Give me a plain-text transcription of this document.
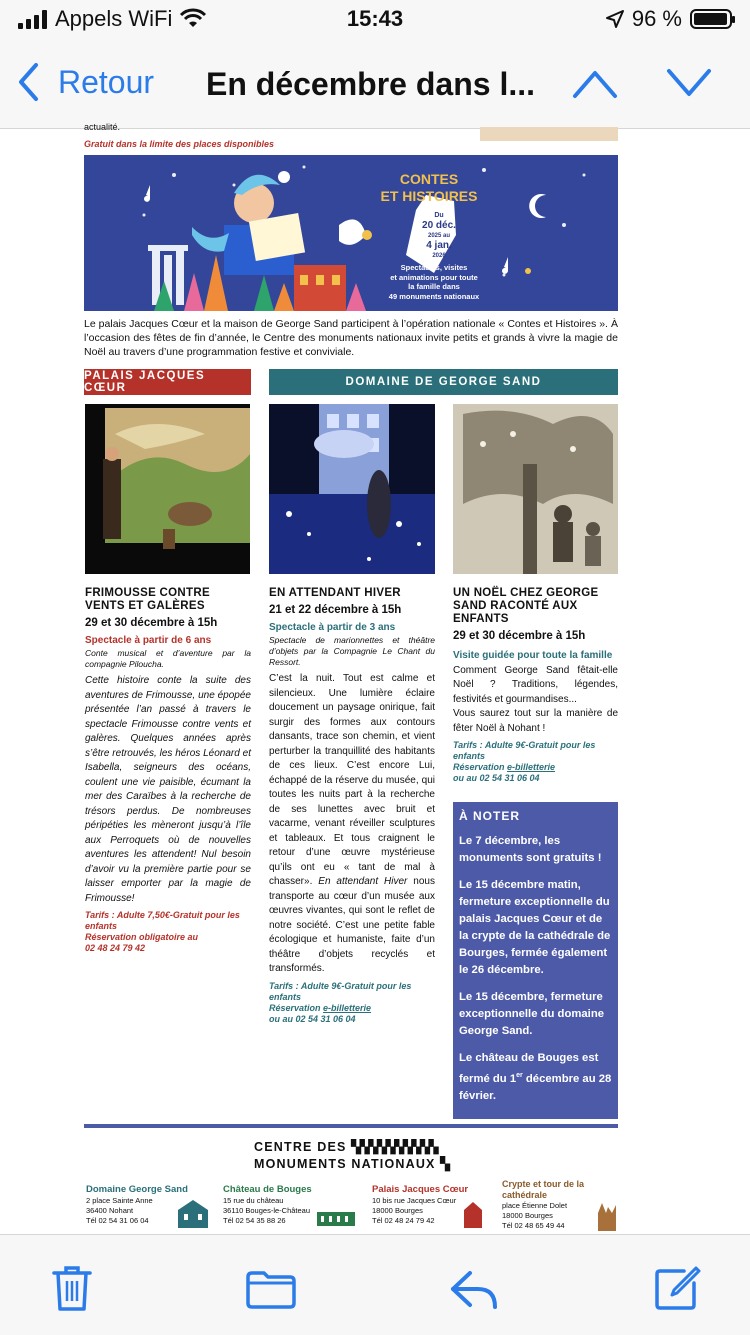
Appels WiFi	15:43	96 %
Retour En décembre dans l...
actualité.
Gratuit dans la limite des places disponibles
CONTES
ET HISTOIRES
Du
20 déc.
2025 au
4 jan.
2026
Spectacles, visites
et animations pour toute
la famille dans
49 monuments nationaux
Le palais Jacques Cœur et la maison de George Sand participent à l’opération nationale « Contes et Histoires ». À l’occasion des fêtes de fin d’année, le Centre des monuments nationaux invite petits et grands à vivre la magie de Noël au travers d’une programmation festive et conviviale.
PALAIS JACQUES CŒUR	DOMAINE DE GEORGE SAND
FRIMOUSSE CONTRE VENTS ET GALÈRES
29 et 30 décembre à 15h
Spectacle à partir de 6 ans
Conte musical et d’aventure par la compagnie Piloucha.

Cette histoire conte la suite des aventures de Frimousse, une épopée présentée l’an passé à travers le spectacle Frimousse contre vents et galères. Quelques années après s’être retrouvés, les héros Léonard et Isabella, seigneurs des océans, coulent une vie paisible, écumant la mer des Caraïbes à la recherche de trésors perdus. De nombreuses péripéties les mèneront jusqu’à l’île aux Perroquets où de nouvelles aventures les attendent! Nul besoin d’avoir vu la première partie pour se laisser emporter par la magie de Frimousse!

Tarifs : Adulte 7,50€-Gratuit pour les enfants
Réservation obligatoire au
02 48 24 79 42
EN ATTENDANT HIVER
21 et 22 décembre à 15h
Spectacle à partir de 3 ans
Spectacle de marionnettes et théâtre d’objets par la Compagnie Le Chant du Ressort.

C’est la nuit. Tout est calme et silencieux. Une lumière éclaire doucement un paysage onirique, fait surgir des formes aux contours dansants, trace son chemin, et vient perturber la tranquillité des habitants de ces lieux. C’est encore Lui, échappé de la réserve du musée, qui toutes les nuits part à la recherche de ses lunettes avec bruit et vacarme, venant réveiller sculptures et tableaux. Et tous craignent le retour d’une œuvre mystérieuse qu’ils ont eu « tant de mal à chasser». En attendant Hiver nous transporte au cœur d’un musée aux œuvres vivantes, qui sont le reflet de notre société. C’est une petite fable écologique et humaniste, faite d’un théâtre d’objets recyclés et transformés.

Tarifs : Adulte 9€-Gratuit pour les enfants
Réservation e-billetterie
ou au 02 54 31 06 04
UN NOËL CHEZ GEORGE SAND RACONTÉ AUX ENFANTS
29 et 30 décembre à 15h
Visite guidée pour toute la famille

Comment George Sand fêtait-elle Noël ? Traditions, légendes, festivités et gourmandises...

Vous saurez tout sur la manière de fêter Noël à Nohant !

Tarifs : Adulte 9€-Gratuit pour les enfants
Réservation e-billetterie
ou au 02 54 31 06 04
À NOTER

Le 7 décembre, les monuments sont gratuits !

Le 15 décembre matin, fermeture exceptionnelle du palais Jacques Cœur et de la crypte de la cathédrale de Bourges, fermée également le 26 décembre.

Le 15 décembre, fermeture exceptionnelle du domaine George Sand.

Le château de Bouges est fermé du 1er décembre au 28 février.

CENTRE DES ▚▚▚▚▚▚▚▚▚▚
MONUMENTS NATIONAUX ▚
Domaine George Sand
2 place Sainte Anne
36400 Nohant
Tél 02 54 31 06 04
Château de Bouges
15 rue du château
36110 Bouges-le-Château
Tél 02 54 35 88 26
Palais Jacques Cœur
10 bis rue Jacques Cœur
18000 Bourges
Tél 02 48 24 79 42
Crypte et tour de la cathédrale
place Étienne Dolet
18000 Bourges
Tél 02 48 65 49 44
